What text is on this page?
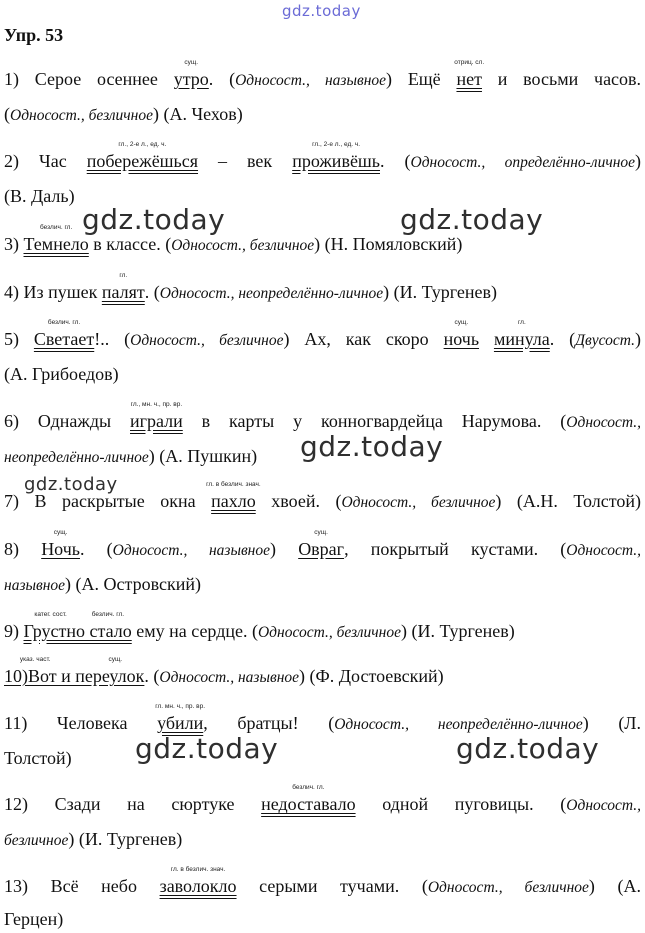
gdz.today
Упр. 53
1) Серое осеннее
сущ.
утро. (Односост., назывное) Ещё
отриц. сл.
нет и восьми часов.
(Односост., безличное) (А. Чехов)
2) Час
гл., 2-е л., ед. ч.
побережёшься – век
гл., 2-е л., ед. ч.
проживёшь. (Односост., определённо-личное)
(В. Даль)
gdz.today	gdz.today
3)
безлич. гл.
Темнело в классе. (Односост., безличное) (Н. Помяловский)
4) Из пушек
гл.
палят. (Односост., неопределённо-личное) (И. Тургенев)
5)
безлич. гл.
Светает!.. (Односост., безличное) Ах, как скоро
сущ.
ночь
гл.
минула. (Двусост.)
(А. Грибоедов)
6) Однажды
гл., мн. ч., пр. вр.
играли в карты у конногвардейца Нарумова. (Односост.,
неопределённо-личное) (А. Пушкин)	gdz.today
gdz.today
7) В раскрытые окна
гл. в безлич. знач.
пахло хвоей. (Односост., безличное) (А.Н. Толстой)
8)
сущ.
Ночь. (Односост., назывное)
сущ.
Овраг, покрытый кустами. (Односост.,
назывное) (А. Островский)
9)
катег. сост.	безлич. гл.
Грустно стало ему на сердце. (Односост., безличное) (И. Тургенев)
указ. част.
10)
сущ.
Вот и переулок. (Односост., назывное) (Ф. Достоевский)
11) Человека
гл. мн. ч., пр. вр.
убили, братцы! (Односост., неопределённо-личное) (Л.
Толстой)	gdz.today	gdz.today
12) Сзади на сюртуке
безлич. гл.
недоставало одной пуговицы. (Односост.,
безличное) (И. Тургенев)
13) Всё небо
гл. в безлич. знач.
заволокло серыми тучами. (Односост., безличное) (А.
Герцен)
